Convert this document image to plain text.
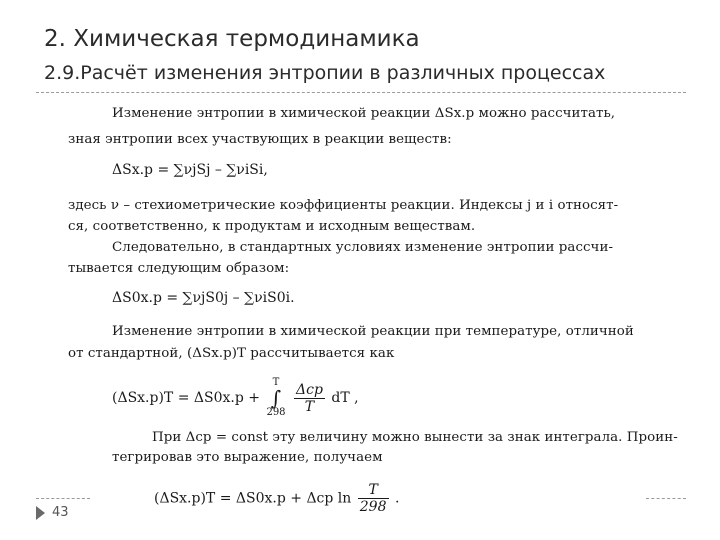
2. Химическая термодинамика
2.9.Расчёт изменения энтропии в различных процессах
Изменение энтропии в химической реакции ΔSх.р можно рассчитать,
зная энтропии всех участвующих в реакции веществ:
ΔSх.р = ∑νjSj – ∑νiSi,
здесь ν – стехиометрические коэффициенты реакции. Индексы j и i относят-
ся, соответственно, к продуктам и исходным веществам.
Следовательно, в стандартных условиях изменение энтропии рассчи-
тывается следующим образом:
ΔS0х.р = ∑νjS0j – ∑νiS0i.
Изменение энтропии в химической реакции при температуре, отличной
от стандартной, (ΔSх.р)T рассчитывается как
(ΔSх.р)T = ΔS0х.р + T
∫
$298 \frac{\text{Δcp}}{T}$ dT ,
При Δcp = const эту величину можно вынести за знак интеграла. Проин-
тегрировав это выражение, получаем
(ΔSх.р)T = ΔS0х.р + Δcp $\ln \frac{T}{298}$ .
43
